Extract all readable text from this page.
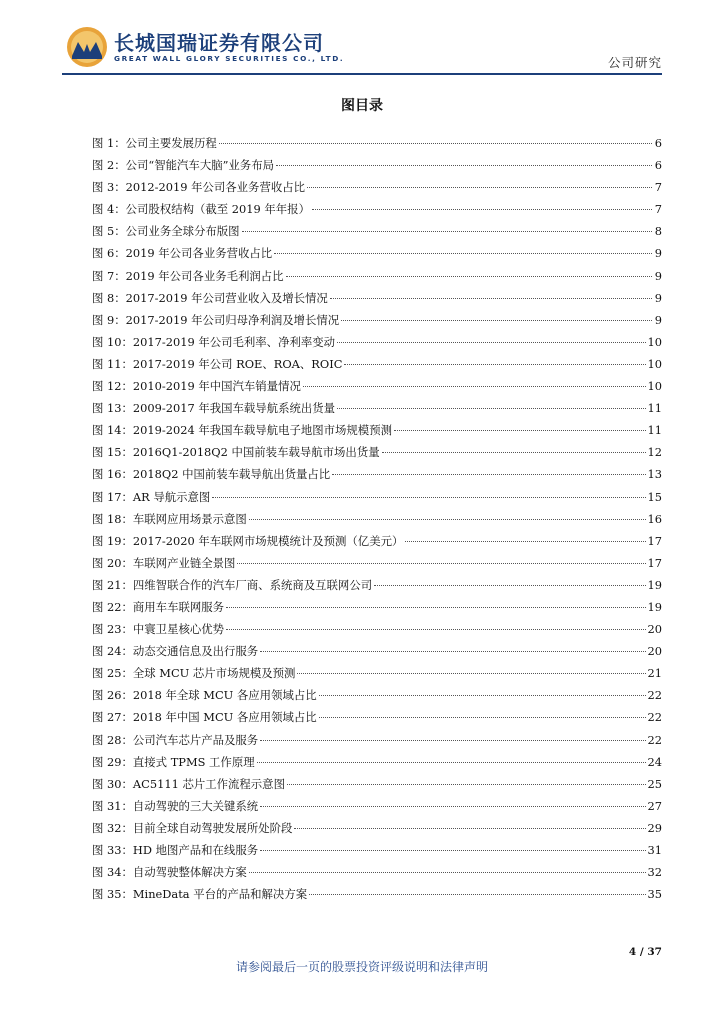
长城国瑞证券有限公司
GREAT WALL GLORY SECURITIES CO., LTD.	公司研究
图目录
图 1：公司主要发展历程	6
图 2：公司“智能汽车大脑”业务布局	6
图 3：2012-2019 年公司各业务营收占比	7
图 4：公司股权结构（截至 2019 年年报）	7
图 5：公司业务全球分布版图	8
图 6：2019 年公司各业务营收占比	9
图 7：2019 年公司各业务毛利润占比	9
图 8：2017-2019 年公司营业收入及增长情况	9
图 9：2017-2019 年公司归母净利润及增长情况	9
图 10：2017-2019 年公司毛利率、净利率变动	10
图 11：2017-2019 年公司 ROE、ROA、ROIC	10
图 12：2010-2019 年中国汽车销量情况	10
图 13：2009-2017 年我国车载导航系统出货量	11
图 14：2019-2024 年我国车载导航电子地图市场规模预测	11
图 15：2016Q1-2018Q2 中国前装车载导航市场出货量	12
图 16：2018Q2 中国前装车载导航出货量占比	13
图 17：AR 导航示意图	15
图 18：车联网应用场景示意图	16
图 19：2017-2020 年车联网市场规模统计及预测（亿美元）	17
图 20：车联网产业链全景图	17
图 21：四维智联合作的汽车厂商、系统商及互联网公司	19
图 22：商用车车联网服务	19
图 23：中寰卫星核心优势	20
图 24：动态交通信息及出行服务	20
图 25：全球 MCU 芯片市场规模及预测	21
图 26：2018 年全球 MCU 各应用领域占比	22
图 27：2018 年中国 MCU 各应用领域占比	22
图 28：公司汽车芯片产品及服务	22
图 29：直接式 TPMS 工作原理	24
图 30：AC5111 芯片工作流程示意图	25
图 31：自动驾驶的三大关键系统	27
图 32：目前全球自动驾驶发展所处阶段	29
图 33：HD 地图产品和在线服务	31
图 34：自动驾驶整体解决方案	32
图 35：MineData 平台的产品和解决方案	35
4 / 37
请参阅最后一页的股票投资评级说明和法律声明
